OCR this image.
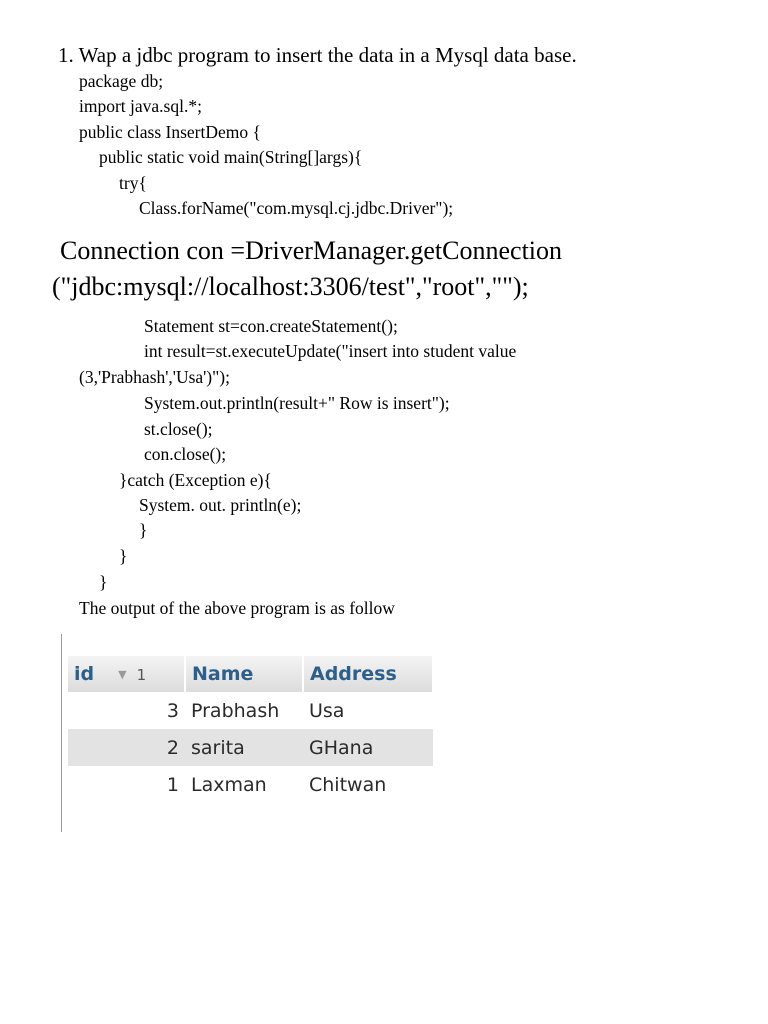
1. Wap a jdbc program to insert the data in a Mysql data base.
package db;
import java.sql.*;
public class InsertDemo {
public static void main(String[]args){
try{
Class.forName("com.mysql.cj.jdbc.Driver");
Connection con =DriverManager.getConnection
("jdbc:mysql://localhost:3306/test","root","");
Statement st=con.createStatement();
int result=st.executeUpdate("insert into student value
(3,'Prabhash','Usa')");
System.out.println(result+" Row is insert");
st.close();
con.close();
}catch (Exception e){
System. out. println(e);
}
}
}
The output of the above program is as follow
id ▼ 1	Name	Address
3	Prabhash	Usa
2	sarita	GHana
1	Laxman	Chitwan
